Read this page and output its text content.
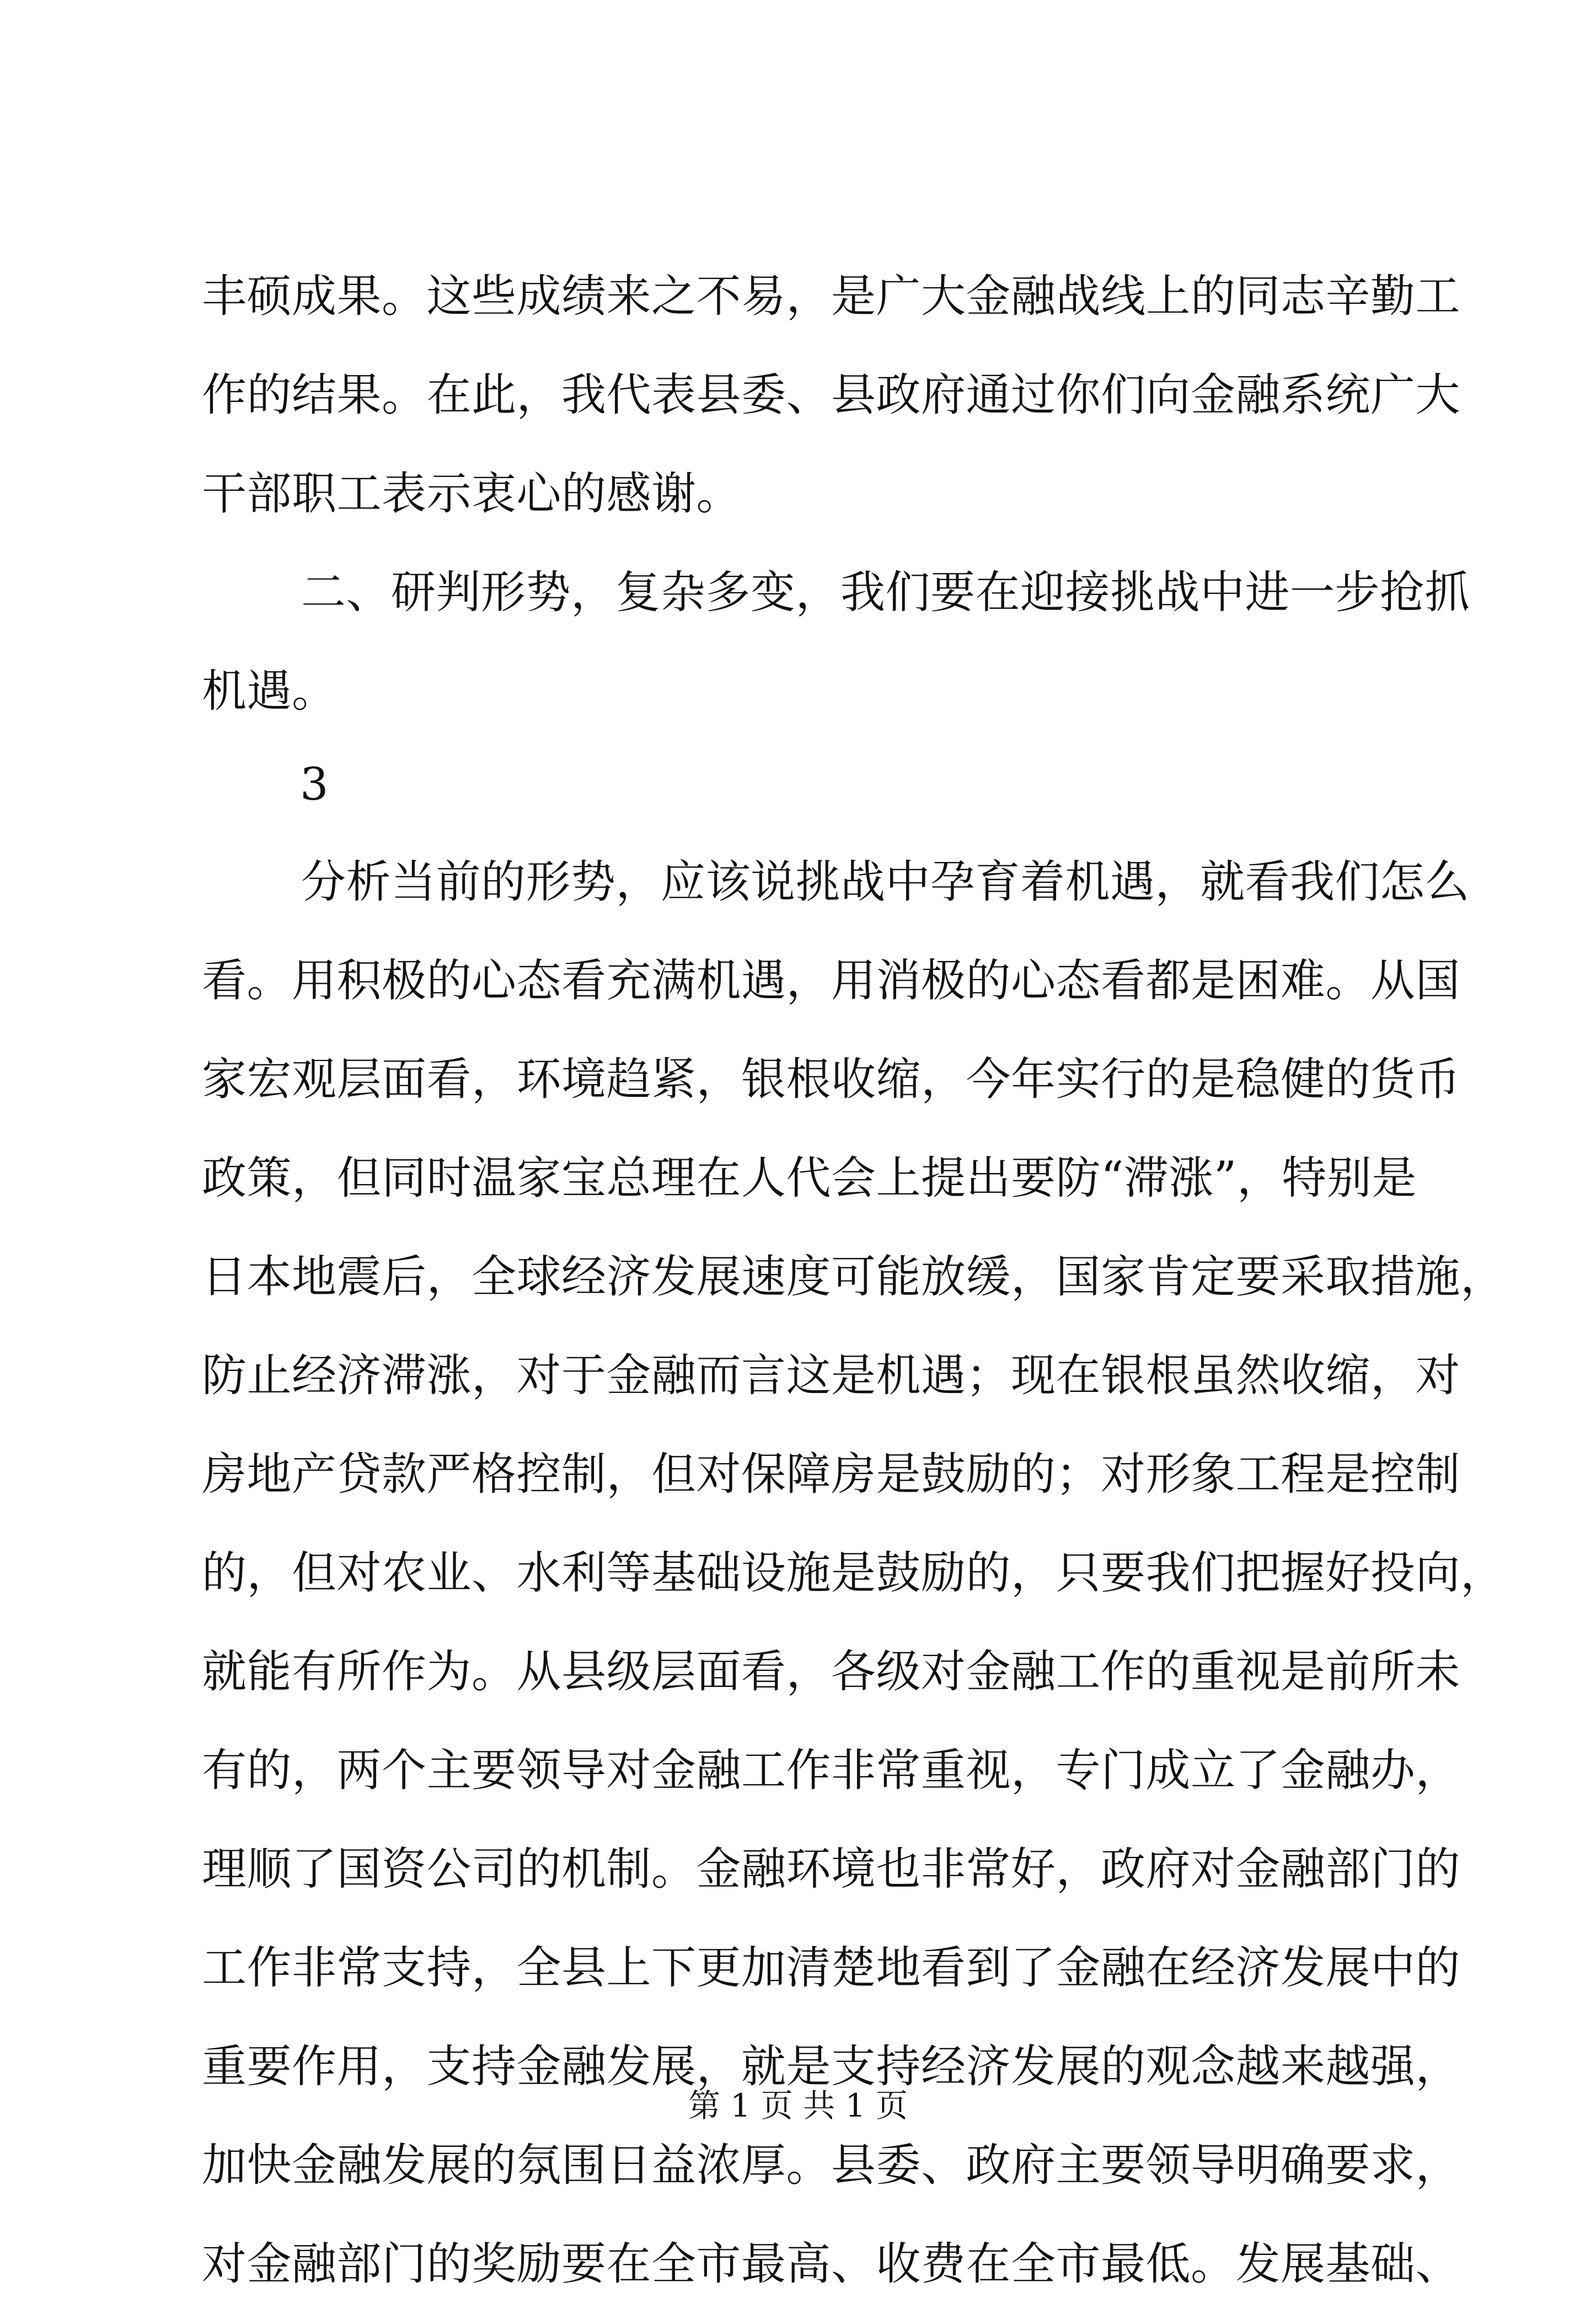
丰硕成果。这些成绩来之不易，是广大金融战线上的同志辛勤工
作的结果。在此，我代表县委、县政府通过你们向金融系统广大
干部职工表示衷心的感谢。
二、研判形势，复杂多变，我们要在迎接挑战中进一步抢抓
机遇。
3
分析当前的形势，应该说挑战中孕育着机遇，就看我们怎么
看。用积极的心态看充满机遇，用消极的心态看都是困难。从国
家宏观层面看，环境趋紧，银根收缩，今年实行的是稳健的货币
政策，但同时温家宝总理在人代会上提出要防“滞涨”，特别是
日本地震后，全球经济发展速度可能放缓，国家肯定要采取措施，
防止经济滞涨，对于金融而言这是机遇；现在银根虽然收缩，对
房地产贷款严格控制，但对保障房是鼓励的；对形象工程是控制
的，但对农业、水利等基础设施是鼓励的，只要我们把握好投向，
就能有所作为。从县级层面看，各级对金融工作的重视是前所未
有的，两个主要领导对金融工作非常重视，专门成立了金融办，
理顺了国资公司的机制。金融环境也非常好，政府对金融部门的
工作非常支持，全县上下更加清楚地看到了金融在经济发展中的
重要作用，支持金融发展，就是支持经济发展的观念越来越强，
加快金融发展的氛围日益浓厚。县委、政府主要领导明确要求，
对金融部门的奖励要在全市最高、收费在全市最低。发展基础、
第 1 页 共 1 页
